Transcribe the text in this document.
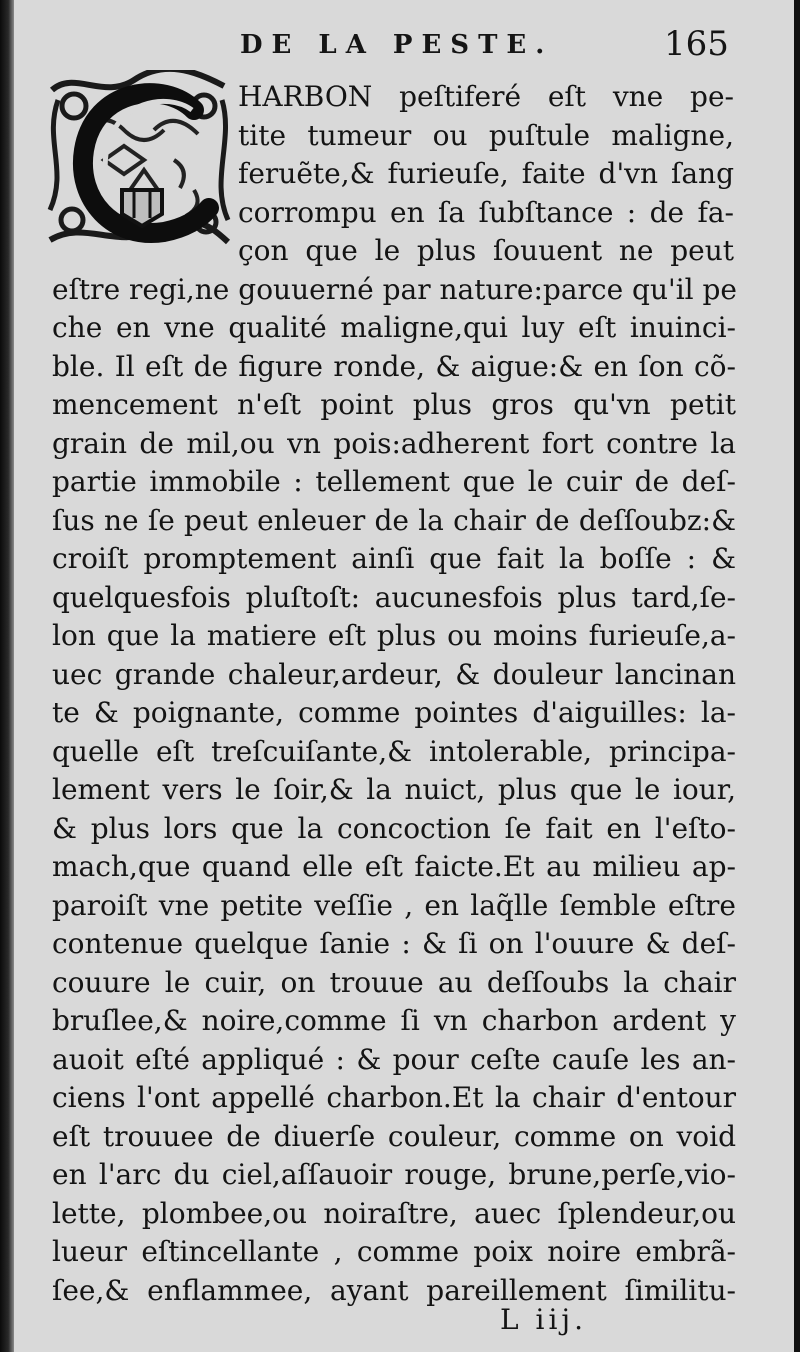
DE LA PESTE.	165
HARBON peſtiferé eſt vne pe-
tite tumeur ou puſtule maligne,
feruẽte,& furieuſe, faite d'vn ſang
corrompu en ſa ſubſtance : de fa-
çon que le plus ſouuent ne peut
eſtre regi,ne gouuerné par nature:parce qu'il pe
che en vne qualité maligne,qui luy eſt inuinci-
ble. Il eſt de figure ronde, & aigue:& en ſon cõ-
mencement n'eſt point plus gros qu'vn petit
grain de mil,ou vn pois:adherent fort contre la
partie immobile : tellement que le cuir de deſ-
ſus ne ſe peut enleuer de la chair de deſſoubz:&
croiſt promptement ainſi que fait la boſſe : &
quelquesfois pluſtoſt: aucunesfois plus tard,ſe-
lon que la matiere eſt plus ou moins furieuſe,a-
uec grande chaleur,ardeur, & douleur lancinan
te & poignante, comme pointes d'aiguilles: la-
quelle eſt treſcuiſante,& intolerable, principa-
lement vers le ſoir,& la nuict, plus que le iour,
& plus lors que la concoction ſe fait en l'eſto-
mach,que quand elle eſt faicte.Et au milieu ap-
paroiſt vne petite veſſie , en laq̃lle ſemble eſtre
contenue quelque ſanie : & ſi on l'ouure & deſ-
couure le cuir, on trouue au deſſoubs la chair
bruſlee,& noire,comme ſi vn charbon ardent y
auoit eſté appliqué : & pour ceſte cauſe les an-
ciens l'ont appellé charbon.Et la chair d'entour
eſt trouuee de diuerſe couleur, comme on void
en l'arc du ciel,aſſauoir rouge, brune,perſe,vio-
lette, plombee,ou noiraſtre, auec ſplendeur,ou
lueur eſtincellante , comme poix noire embrã-
ſee,& enflammee, ayant pareillement ſimilitu-
L iij.
